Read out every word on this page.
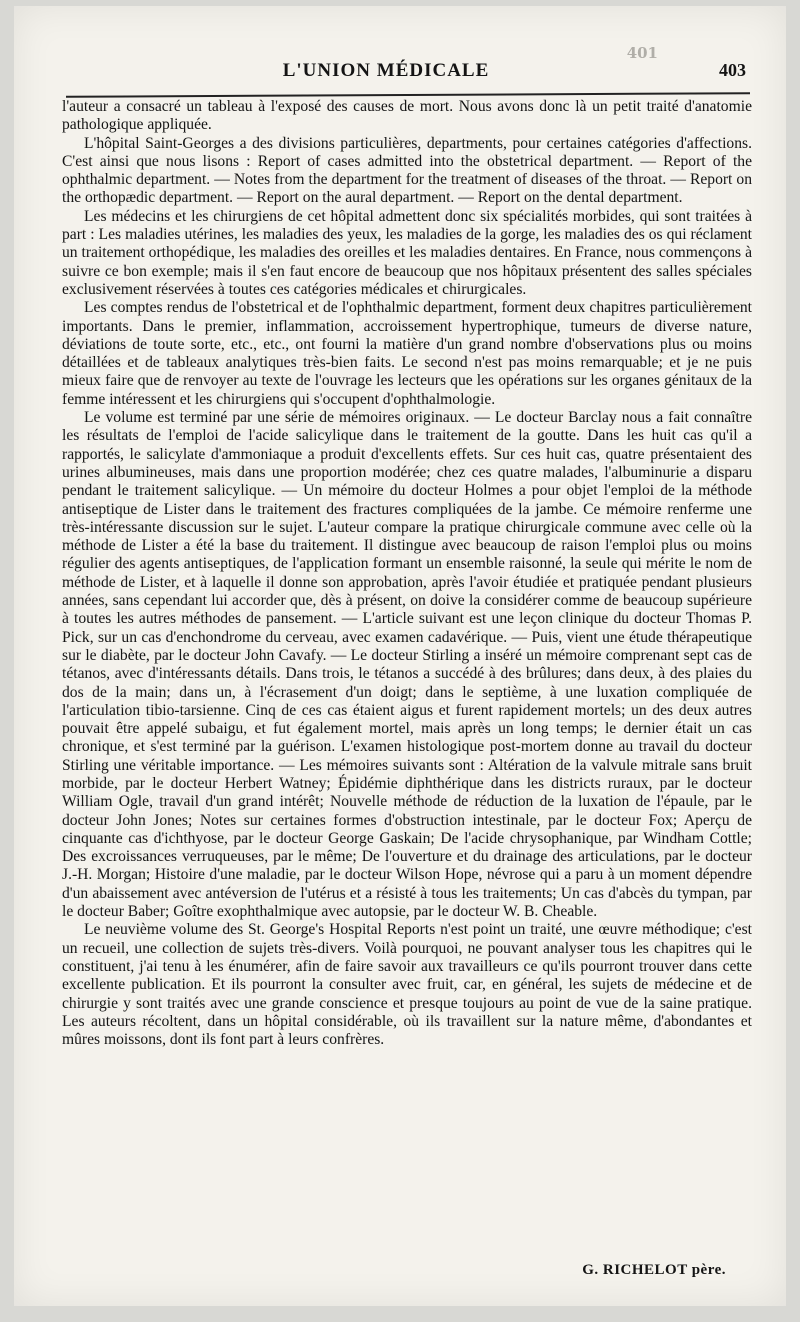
L'UNION MÉDICALE	403
401

l'auteur a consacré un tableau à l'exposé des causes de mort. Nous avons donc là un petit traité d'anatomie pathologique appliquée.

L'hôpital Saint-Georges a des divisions particulières, departments, pour certaines catégories d'affections. C'est ainsi que nous lisons : Report of cases admitted into the obstetrical department. — Report of the ophthalmic department. — Notes from the department for the treatment of diseases of the throat. — Report on the orthopædic department. — Report on the aural department. — Report on the dental department.

Les médecins et les chirurgiens de cet hôpital admettent donc six spécialités morbides, qui sont traitées à part : Les maladies utérines, les maladies des yeux, les maladies de la gorge, les maladies des os qui réclament un traitement orthopédique, les maladies des oreilles et les maladies dentaires. En France, nous commençons à suivre ce bon exemple; mais il s'en faut encore de beaucoup que nos hôpitaux présentent des salles spéciales exclusivement réservées à toutes ces catégories médicales et chirurgicales.

Les comptes rendus de l'obstetrical et de l'ophthalmic department, forment deux chapitres particulièrement importants. Dans le premier, inflammation, accroissement hypertrophique, tumeurs de diverse nature, déviations de toute sorte, etc., etc., ont fourni la matière d'un grand nombre d'observations plus ou moins détaillées et de tableaux analytiques très-bien faits. Le second n'est pas moins remarquable; et je ne puis mieux faire que de renvoyer au texte de l'ouvrage les lecteurs que les opérations sur les organes génitaux de la femme intéressent et les chirurgiens qui s'occupent d'ophthalmologie.

Le volume est terminé par une série de mémoires originaux. — Le docteur Barclay nous a fait connaître les résultats de l'emploi de l'acide salicylique dans le traitement de la goutte. Dans les huit cas qu'il a rapportés, le salicylate d'ammoniaque a produit d'excellents effets. Sur ces huit cas, quatre présentaient des urines albumineuses, mais dans une proportion modérée; chez ces quatre malades, l'albuminurie a disparu pendant le traitement salicylique. — Un mémoire du docteur Holmes a pour objet l'emploi de la méthode antiseptique de Lister dans le traitement des fractures compliquées de la jambe. Ce mémoire renferme une très-intéressante discussion sur le sujet. L'auteur compare la pratique chirurgicale commune avec celle où la méthode de Lister a été la base du traitement. Il distingue avec beaucoup de raison l'emploi plus ou moins régulier des agents antiseptiques, de l'application formant un ensemble raisonné, la seule qui mérite le nom de méthode de Lister, et à laquelle il donne son approbation, après l'avoir étudiée et pratiquée pendant plusieurs années, sans cependant lui accorder que, dès à présent, on doive la considérer comme de beaucoup supérieure à toutes les autres méthodes de pansement. — L'article suivant est une leçon clinique du docteur Thomas P. Pick, sur un cas d'enchondrome du cerveau, avec examen cadavérique. — Puis, vient une étude thérapeutique sur le diabète, par le docteur John Cavafy. — Le docteur Stirling a inséré un mémoire comprenant sept cas de tétanos, avec d'intéressants détails. Dans trois, le tétanos a succédé à des brûlures; dans deux, à des plaies du dos de la main; dans un, à l'écrasement d'un doigt; dans le septième, à une luxation compliquée de l'articulation tibio-tarsienne. Cinq de ces cas étaient aigus et furent rapidement mortels; un des deux autres pouvait être appelé subaigu, et fut également mortel, mais après un long temps; le dernier était un cas chronique, et s'est terminé par la guérison. L'examen histologique post-mortem donne au travail du docteur Stirling une véritable importance. — Les mémoires suivants sont : Altération de la valvule mitrale sans bruit morbide, par le docteur Herbert Watney; Épidémie diphthérique dans les districts ruraux, par le docteur William Ogle, travail d'un grand intérêt; Nouvelle méthode de réduction de la luxation de l'épaule, par le docteur John Jones; Notes sur certaines formes d'obstruction intestinale, par le docteur Fox; Aperçu de cinquante cas d'ichthyose, par le docteur George Gaskain; De l'acide chrysophanique, par Windham Cottle; Des excroissances verruqueuses, par le même; De l'ouverture et du drainage des articulations, par le docteur J.-H. Morgan; Histoire d'une maladie, par le docteur Wilson Hope, névrose qui a paru à un moment dépendre d'un abaissement avec antéversion de l'utérus et a résisté à tous les traitements; Un cas d'abcès du tympan, par le docteur Baber; Goître exophthalmique avec autopsie, par le docteur W. B. Cheable.

Le neuvième volume des St. George's Hospital Reports n'est point un traité, une œuvre méthodique; c'est un recueil, une collection de sujets très-divers. Voilà pourquoi, ne pouvant analyser tous les chapitres qui le constituent, j'ai tenu à les énumérer, afin de faire savoir aux travailleurs ce qu'ils pourront trouver dans cette excellente publication. Et ils pourront la consulter avec fruit, car, en général, les sujets de médecine et de chirurgie y sont traités avec une grande conscience et presque toujours au point de vue de la saine pratique. Les auteurs récoltent, dans un hôpital considérable, où ils travaillent sur la nature même, d'abondantes et mûres moissons, dont ils font part à leurs confrères.

G. RICHELOT père.
